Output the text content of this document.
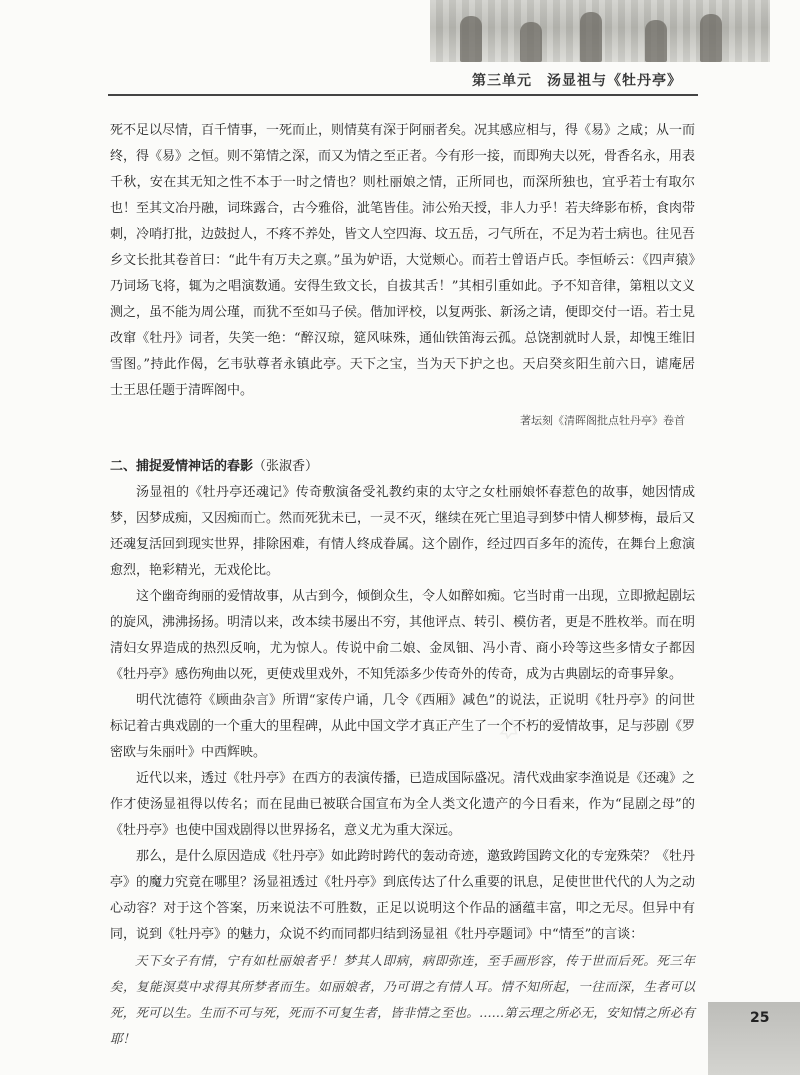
第三单元　汤显祖与《牡丹亭》

死不足以尽情，百千情事，一死而止，则情莫有深于阿丽者矣。况其感应相与，得《易》之咸；从一而终，得《易》之恒。则不第情之深，而又为情之至正者。今有形一接，而即殉夫以死，骨香名永，用表千秋，安在其无知之性不本于一时之情也？则杜丽娘之情，正所同也，而深所独也，宜乎若士有取尔也！至其文冶丹融，词珠露合，古今雅俗，泚笔皆佳。沛公殆天授，非人力乎！若夫绛影布桥，食肉带刺，冷哨打批，边鼓挝人，不疼不养处，皆文人空四海、坟五岳，刁气所在，不足为若士病也。往见吾乡文长批其卷首曰：“此牛有万夫之禀。”虽为妒语，大觉颊心。而若士曾语卢氏。李恒峤云：《四声猿》乃词场飞将，辄为之唱演数通。安得生致文长，自拔其舌！”其相引重如此。予不知音律，第粗以文义测之，虽不能为周公瑾，而犹不至如马子侯。偕加评校，以复两张、新汤之请，便即交付一语。若士見改窜《牡丹》词者，失笑一绝：“醉汉琼，筵风味殊，通仙铁笛海云孤。总饶割就时人景，却愧王维旧雪图。”持此作偈，乞韦驮尊者永镇此亭。天下之宝，当为天下护之也。天启癸亥阳生前六日，谑庵居士王思任题于清晖阁中。

著坛刻《清晖阁批点牡丹亭》卷首
二、捕捉爱情神话的春影（张淑香）

汤显祖的《牡丹亭还魂记》传奇敷演备受礼教约束的太守之女杜丽娘怀春惹色的故事，她因情成梦，因梦成痴，又因痴而亡。然而死犹未已，一灵不灭，继续在死亡里追寻到梦中情人柳梦梅，最后又还魂复活回到现实世界，排除困难，有情人终成眷属。这个剧作，经过四百多年的流传，在舞台上愈演愈烈，艳彩精光，无戏伦比。

这个幽奇绚丽的爱情故事，从古到今，倾倒众生，令人如醉如痴。它当时甫一出现，立即掀起剧坛的旋风，沸沸扬扬。明清以来，改本续书屡出不穷，其他评点、转引、模仿者，更是不胜枚举。而在明清妇女界造成的热烈反响，尤为惊人。传说中俞二娘、金凤钿、冯小青、商小玲等这些多情女子都因《牡丹亭》感伤殉曲以死，更使戏里戏外，不知凭添多少传奇外的传奇，成为古典剧坛的奇事异象。

明代沈德符《顾曲杂言》所谓“家传户诵，几令《西厢》减色”的说法，正说明《牡丹亭》的问世标记着古典戏剧的一个重大的里程碑，从此中国文学才真正产生了一个不朽的爱情故事，足与莎剧《罗密欧与朱丽叶》中西辉映。

近代以来，透过《牡丹亭》在西方的表演传播，已造成国际盛况。清代戏曲家李渔说是《还魂》之作才使汤显祖得以传名；而在昆曲已被联合国宣布为全人类文化遗产的今日看来，作为“昆剧之母”的《牡丹亭》也使中国戏剧得以世界扬名，意义尤为重大深远。

那么，是什么原因造成《牡丹亭》如此跨时跨代的轰动奇迹，邀致跨国跨文化的专宠殊荣？《牡丹亭》的魔力究竟在哪里？汤显祖透过《牡丹亭》到底传达了什么重要的讯息，足使世世代代的人为之动心动容？对于这个答案，历来说法不可胜数，正足以说明这个作品的涵蕴丰富，叩之无尽。但异中有同，说到《牡丹亭》的魅力，众说不约而同都归结到汤显祖《牡丹亭题词》中“情至”的言谈：

天下女子有情，宁有如杜丽娘者乎！梦其人即病，病即弥连，至手画形容，传于世而后死。死三年矣，复能溟莫中求得其所梦者而生。如丽娘者，乃可谓之有情人耳。情不知所起，一往而深，生者可以死，死可以生。生而不可与死，死而不可复生者，皆非情之至也。……第云理之所必无，安知情之所必有耶！

꙳
25
